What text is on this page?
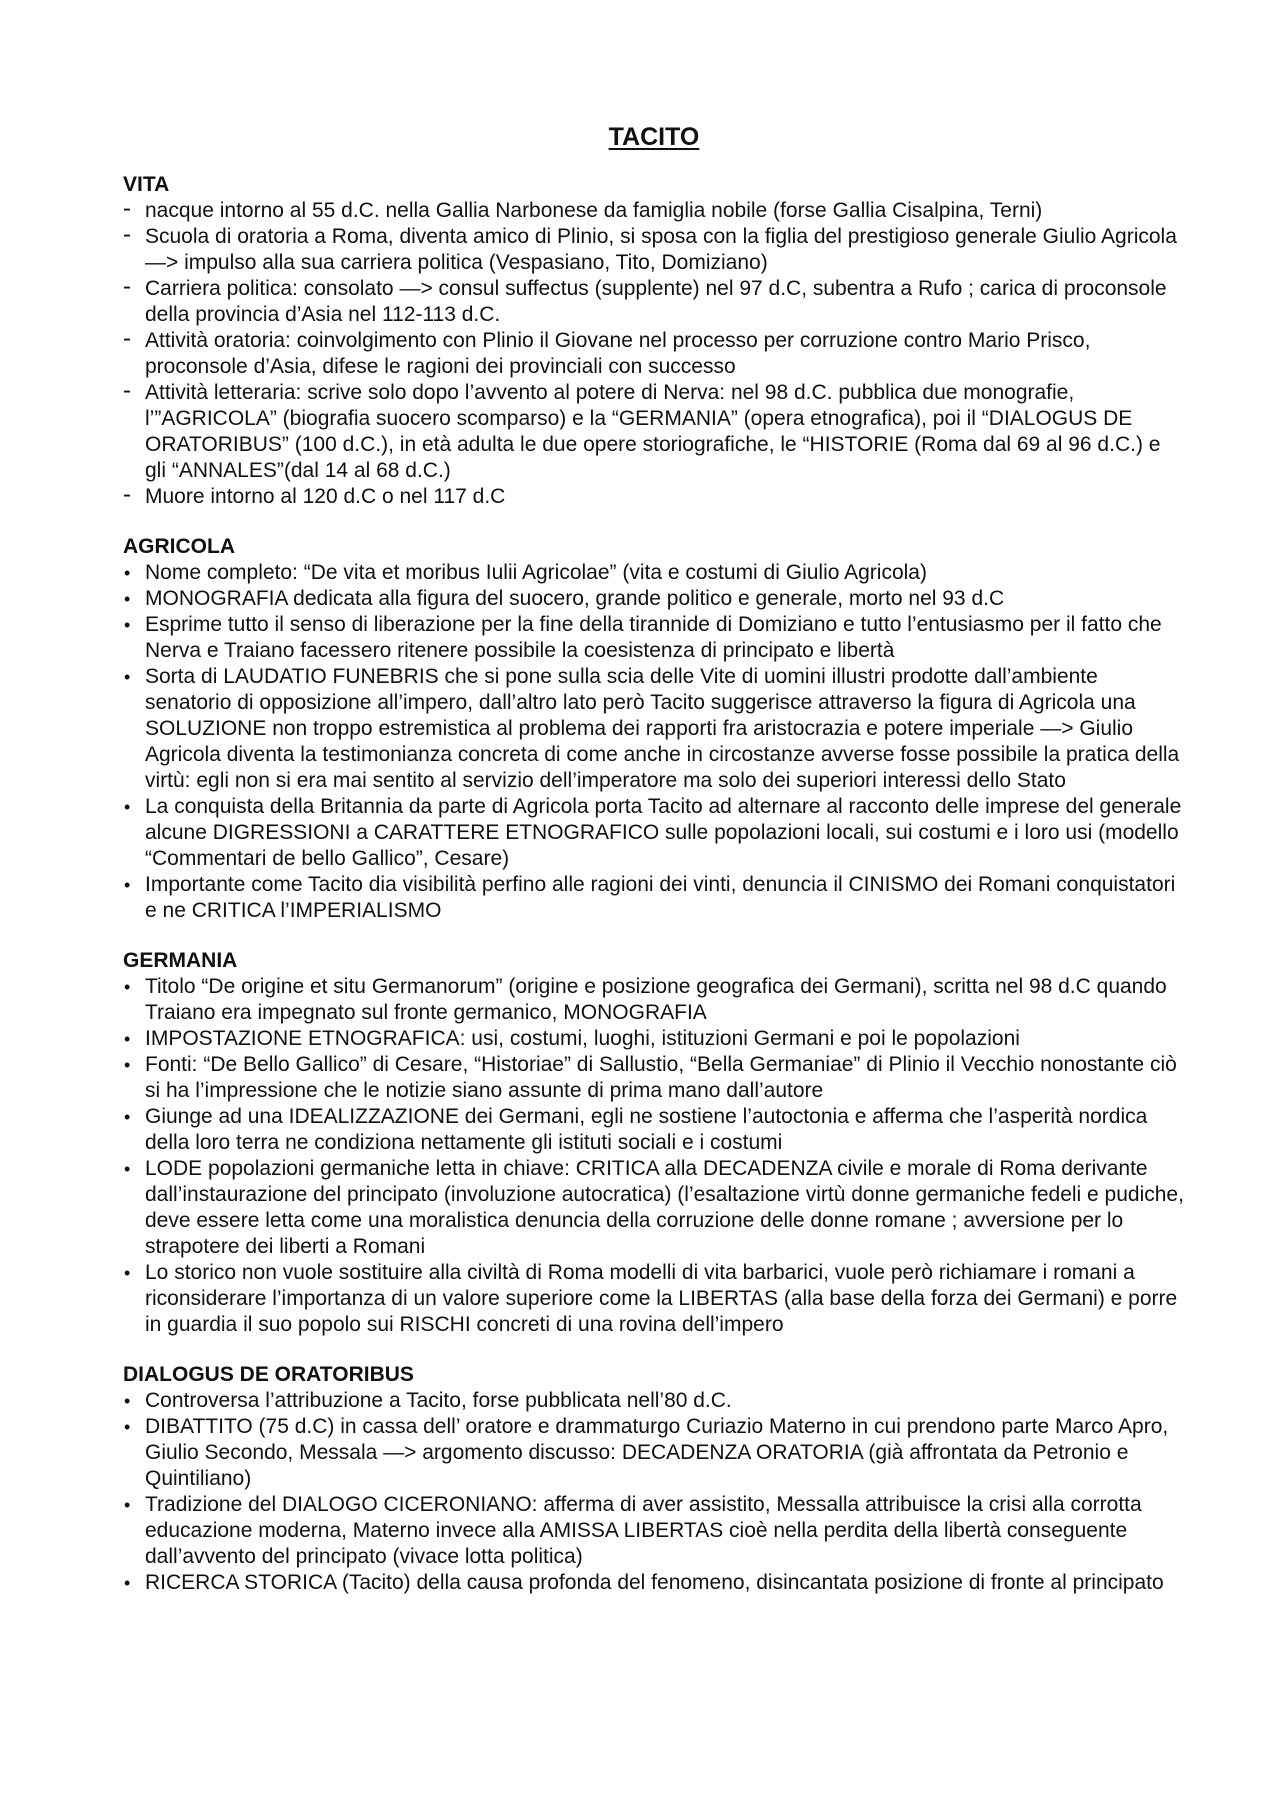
TACITO
VITA
- nacque intorno al 55 d.C. nella Gallia Narbonese da famiglia nobile (forse Gallia Cisalpina, Terni)
- Scuola di oratoria a Roma, diventa amico di Plinio, si sposa con la figlia del prestigioso generale Giulio Agricola —> impulso alla sua carriera politica (Vespasiano, Tito, Domiziano)
- Carriera politica: consolato —> consul suffectus (supplente) nel 97 d.C, subentra a Rufo ; carica di proconsole della provincia d’Asia nel 112-113 d.C.
- Attività oratoria: coinvolgimento con Plinio il Giovane nel processo per corruzione contro Mario Prisco, proconsole d’Asia, difese le ragioni dei provinciali con successo
- Attività letteraria: scrive solo dopo l’avvento al potere di Nerva: nel 98 d.C. pubblica due monografie, l’”AGRICOLA” (biografia suocero scomparso) e la “GERMANIA” (opera etnografica), poi il “DIALOGUS DE ORATORIBUS” (100 d.C.), in età adulta le due opere storiografiche, le “HISTORIE (Roma dal 69 al 96 d.C.) e gli “ANNALES”(dal 14 al 68 d.C.)
- Muore intorno al 120 d.C o nel 117 d.C
AGRICOLA
• Nome completo: “De vita et moribus Iulii Agricolae” (vita e costumi di Giulio Agricola)
• MONOGRAFIA dedicata alla figura del suocero, grande politico e generale, morto nel 93 d.C
• Esprime tutto il senso di liberazione per la fine della tirannide di Domiziano e tutto l’entusiasmo per il fatto che Nerva e Traiano facessero ritenere possibile la coesistenza di principato e libertà
• Sorta di LAUDATIO FUNEBRIS che si pone sulla scia delle Vite di uomini illustri prodotte dall’ambiente senatorio di opposizione all’impero, dall’altro lato però Tacito suggerisce attraverso la figura di Agricola una SOLUZIONE non troppo estremistica al problema dei rapporti fra aristocrazia e potere imperiale —> Giulio Agricola diventa la testimonianza concreta di come anche in circostanze avverse fosse possibile la pratica della virtù: egli non si era mai sentito al servizio dell’imperatore ma solo dei superiori interessi dello Stato
• La conquista della Britannia da parte di Agricola porta Tacito ad alternare al racconto delle imprese del generale alcune DIGRESSIONI a CARATTERE ETNOGRAFICO sulle popolazioni locali, sui costumi e i loro usi (modello “Commentari de bello Gallico”, Cesare)
• Importante come Tacito dia visibilità perfino alle ragioni dei vinti, denuncia il CINISMO dei Romani conquistatori e ne CRITICA l’IMPERIALISMO
GERMANIA
• Titolo “De origine et situ Germanorum” (origine e posizione geografica dei Germani), scritta nel 98 d.C quando Traiano era impegnato sul fronte germanico, MONOGRAFIA
• IMPOSTAZIONE ETNOGRAFICA: usi, costumi, luoghi, istituzioni Germani e poi le popolazioni
• Fonti: “De Bello Gallico” di Cesare, “Historiae” di Sallustio, “Bella Germaniae” di Plinio il Vecchio nonostante ciò si ha l’impressione che le notizie siano assunte di prima mano dall’autore
• Giunge ad una IDEALIZZAZIONE dei Germani, egli ne sostiene l’autoctonia e afferma che l’asperità nordica della loro terra ne condiziona nettamente gli istituti sociali e i costumi
• LODE popolazioni germaniche letta in chiave: CRITICA alla DECADENZA civile e morale di Roma derivante dall’instaurazione del principato (involuzione autocratica) (l’esaltazione virtù donne germaniche fedeli e pudiche, deve essere letta come una moralistica denuncia della corruzione delle donne romane ; avversione per lo strapotere dei liberti a Romani
• Lo storico non vuole sostituire alla civiltà di Roma modelli di vita barbarici, vuole però richiamare i romani a riconsiderare l’importanza di un valore superiore come la LIBERTAS (alla base della forza dei Germani) e porre in guardia il suo popolo sui RISCHI concreti di una rovina dell’impero
DIALOGUS DE ORATORIBUS
• Controversa l’attribuzione a Tacito, forse pubblicata nell’80 d.C.
• DIBATTITO (75 d.C) in cassa dell’ oratore e drammaturgo Curiazio Materno in cui prendono parte Marco Apro, Giulio Secondo, Messala —> argomento discusso: DECADENZA ORATORIA (già affrontata da Petronio e Quintiliano)
• Tradizione del DIALOGO CICERONIANO: afferma di aver assistito, Messalla attribuisce la crisi alla corrotta educazione moderna, Materno invece alla AMISSA LIBERTAS cioè nella perdita della libertà conseguente dall’avvento del principato (vivace lotta politica)
• RICERCA STORICA (Tacito) della causa profonda del fenomeno, disincantata posizione di fronte al principato
